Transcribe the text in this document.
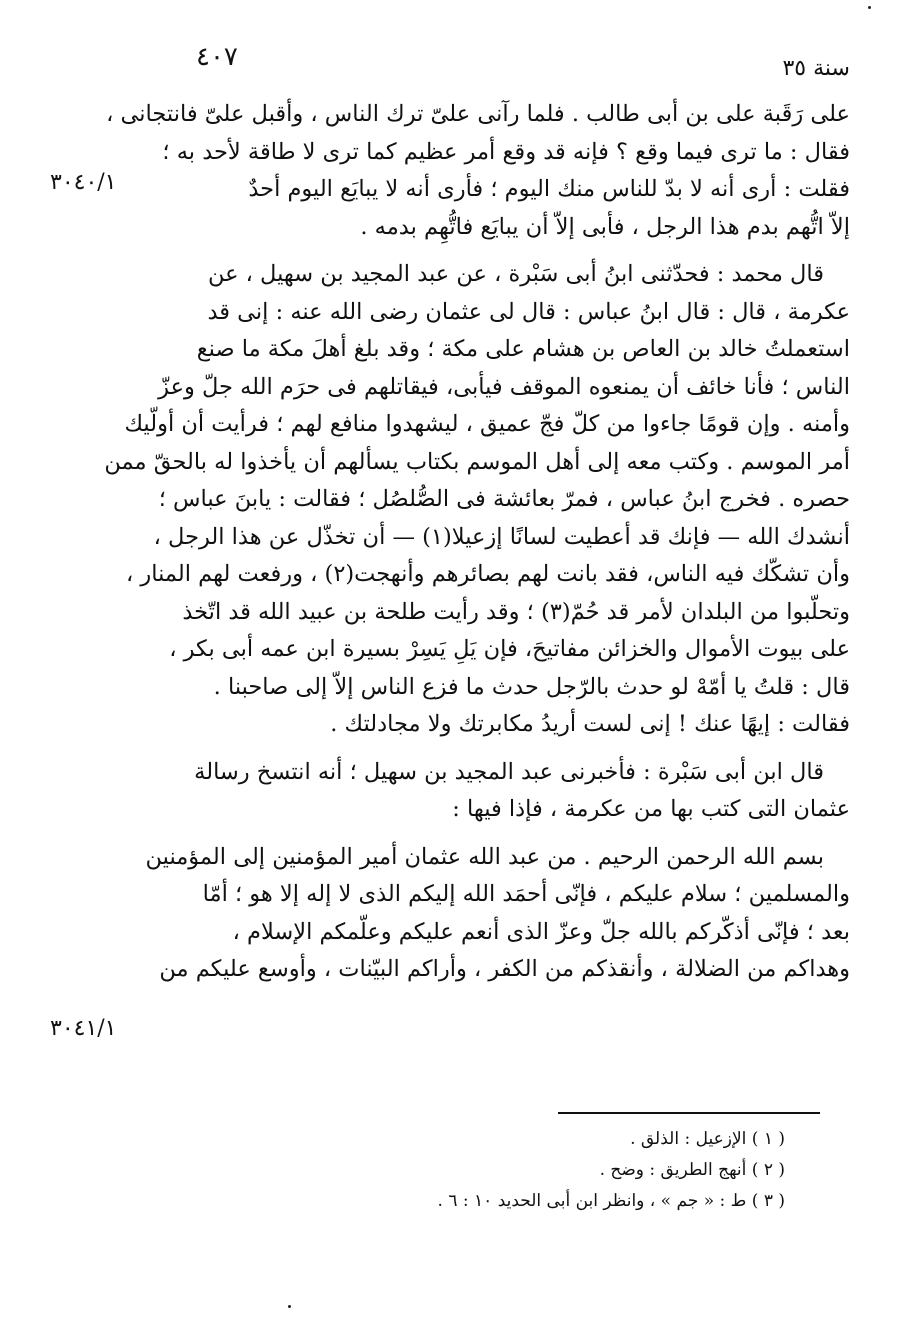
٤٠٧	سنة ٣٥
على رَقَبة على بن أبى طالب . فلما رآنى علىّ ترك الناس ، وأقبل علىّ فانتجانى ،
فقال : ما ترى فيما وقع ؟ فإنه قد وقع أمر عظيم كما ترى لا طاقة لأحد به ؛
فقلت : أرى أنه لا بدّ للناس منك اليوم ؛ فأرى أنه لا يبايَع اليوم أحدٌ
إلاّ اتُّهم بدم هذا الرجل ، فأبى إلاّ أن يبايَع فاتُّهِم بدمه .
قال محمد : فحدّثنى ابنُ أبى سَبْرة ، عن عبد المجيد بن سهيل ، عن
عكرمة ، قال : قال ابنُ عباس : قال لى عثمان رضى الله عنه : إنى قد
استعملتُ خالد بن العاص بن هشام على مكة ؛ وقد بلغ أهلَ مكة ما صنع
الناس ؛ فأنا خائف أن يمنعوه الموقف فيأبى، فيقاتلهم فى حرَم الله جلّ وعزّ
وأمنه . وإن قومًا جاءوا من كلّ فجّ عميق ، ليشهدوا منافع لهم ؛ فرأيت أن أولّيك
أمر الموسم . وكتب معه إلى أهل الموسم بكتاب يسألهم أن يأخذوا له بالحقّ ممن
حصره . فخرج ابنُ عباس ، فمرّ بعائشة فى الصُّلصُل ؛ فقالت : يابنَ عباس ؛
أنشدك الله — فإنك قد أعطيت لسانًا إزعيلا(١) — أن تخذّل عن هذا الرجل ،
وأن تشكّك فيه الناس، فقد بانت لهم بصائرهم وأنهجت(٢) ، ورفعت لهم المنار ،
وتحلّبوا من البلدان لأمر قد حُمّ(٣) ؛ وقد رأيت طلحة بن عبيد الله قد اتّخذ
على بيوت الأموال والخزائن مفاتيحَ، فإن يَلِ يَسِرْ بسيرة ابن عمه أبى بكر ،
قال : قلتُ يا أمّهْ لو حدث بالرّجل حدث ما فزع الناس إلاّ إلى صاحبنا .
فقالت : إيهًا عنك ! إنى لست أريدُ مكابرتك ولا مجادلتك .
قال ابن أبى سَبْرة : فأخبرنى عبد المجيد بن سهيل ؛ أنه انتسخ رسالة
عثمان التى كتب بها من عكرمة ، فإذا فيها :
بسم الله الرحمن الرحيم . من عبد الله عثمان أمير المؤمنين إلى المؤمنين
والمسلمين ؛ سلام عليكم ، فإنّى أحمَد الله إليكم الذى لا إله إلا هو ؛ أمّا
بعد ؛ فإنّى أذكّركم بالله جلّ وعزّ الذى أنعم عليكم وعلّمكم الإسلام ،
وهداكم من الضلالة ، وأنقذكم من الكفر ، وأراكم البيّنات ، وأوسع عليكم من
٣٠٤٠/١
٣٠٤١/١
( ١ ) الإزعيل : الذلق .
( ٢ ) أنهج الطريق : وضح .
( ٣ ) ط : « جم » ، وانظر ابن أبى الحديد ١٠ : ٦ .
